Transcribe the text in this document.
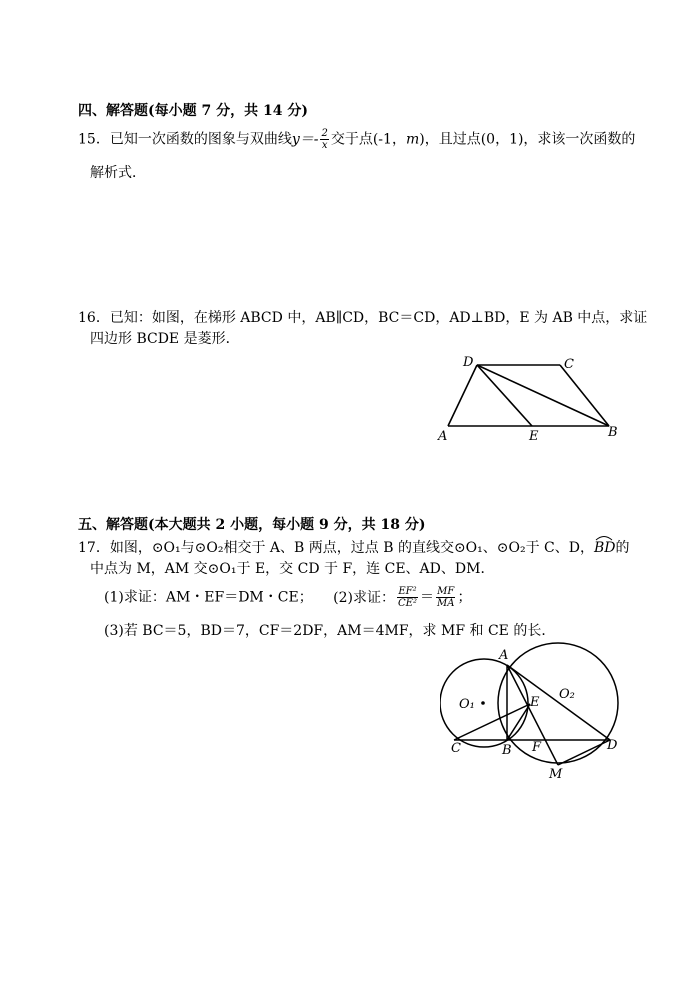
四、解答题(每小题 7 分，共 14 分)
15．已知一次函数的图象与双曲线$y=- \frac{2}{x}$ 交于点(-1，m)，且过点(0，1)，求该一次函数的
解析式．
16．已知：如图，在梯形 ABCD 中，AB∥CD，BC＝CD，AD⊥BD，E 为 AB 中点，求证
四边形 BCDE 是菱形．
D	C
A	E	B
五、解答题(本大题共 2 小题，每小题 9 分，共 18 分)
17．如图，⊙O₁与⊙O₂相交于 A、B 两点，过点 B 的直线交⊙O₁、⊙O₂于 C、D，
BD的
中点为 M，AM 交⊙O₁于 E，交 CD 于 F，连 CE、AD、DM．
(1)求证：AM・EF＝DM・CE； (2)求证： $\frac{\text{EF²}}{\text{CE²}} = \frac{MF}{MA}$ ；
(3)若 BC＝5，BD＝7，CF＝2DF，AM＝4MF，求 MF 和 CE 的长．
A
O₁
O₂
E
C	B F	D
M
